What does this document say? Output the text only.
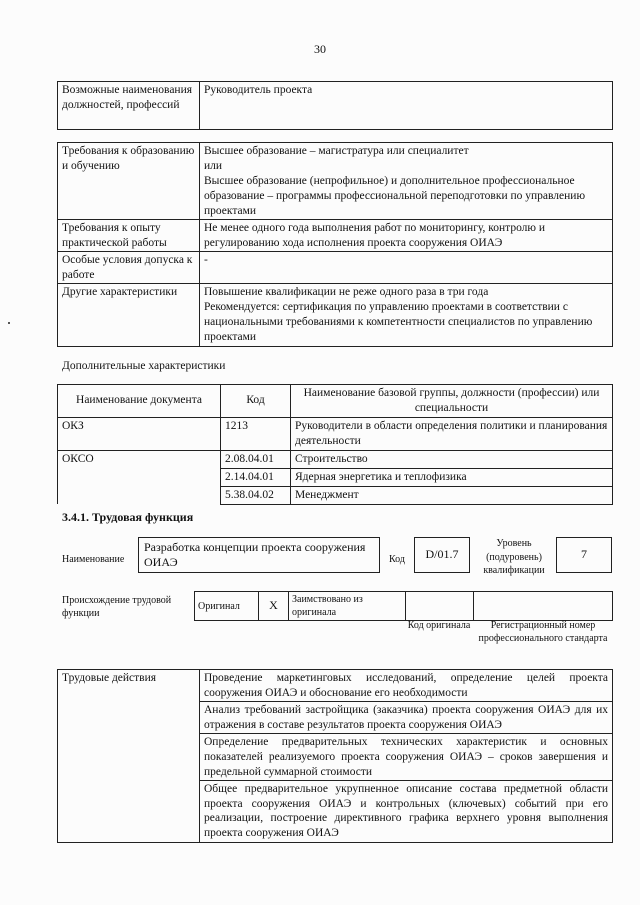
30
Возможные наименования должностей, профессий	Руководитель проекта
Требования к образованию и обучению	Высшее образование – магистратура или специалитет
или
Высшее образование (непрофильное) и дополнительное профессиональное образование – программы профессиональной переподготовки по управлению проектами

Требования к опыту практической работы	Не менее одного года выполнения работ по мониторингу, контролю и регулированию хода исполнения проекта сооружения ОИАЭ
Особые условия допуска к работе	-
Другие характеристики	Повышение квалификации не реже одного раза в три года
Рекомендуется: сертификация по управлению проектами в соответствии с национальными требованиями к компетентности специалистов по управлению проектами
Дополнительные характеристики
Наименование документа	Код	Наименование базовой группы, должности (профессии) или специальности
ОКЗ	1213	Руководители в области определения политики и планирования деятельности
ОКСО	2.08.04.01	Строительство
	2.14.04.01	Ядерная энергетика и теплофизика
	5.38.04.02	Менеджмент
3.4.1. Трудовая функция
Наименование
Разработка концепции проекта сооружения ОИАЭ	Код	D/01.7
Уровень (подуровень) квалификации
7
Происхождение трудовой функции
Оригинал	X	Заимствовано из оригинала		
Код оригинала	Регистрационный номер профессионального стандарта
Трудовые действия	Проведение маркетинговых исследований, определение целей проекта сооружения ОИАЭ и обоснование его необходимости
Анализ требований застройщика (заказчика) проекта сооружения ОИАЭ для их отражения в составе результатов проекта сооружения ОИАЭ
Определение предварительных технических характеристик и основных показателей реализуемого проекта сооружения ОИАЭ – сроков завершения и предельной суммарной стоимости
Общее предварительное укрупненное описание состава предметной области проекта сооружения ОИАЭ и контрольных (ключевых) событий при его реализации, построение директивного графика верхнего уровня выполнения проекта сооружения ОИАЭ
